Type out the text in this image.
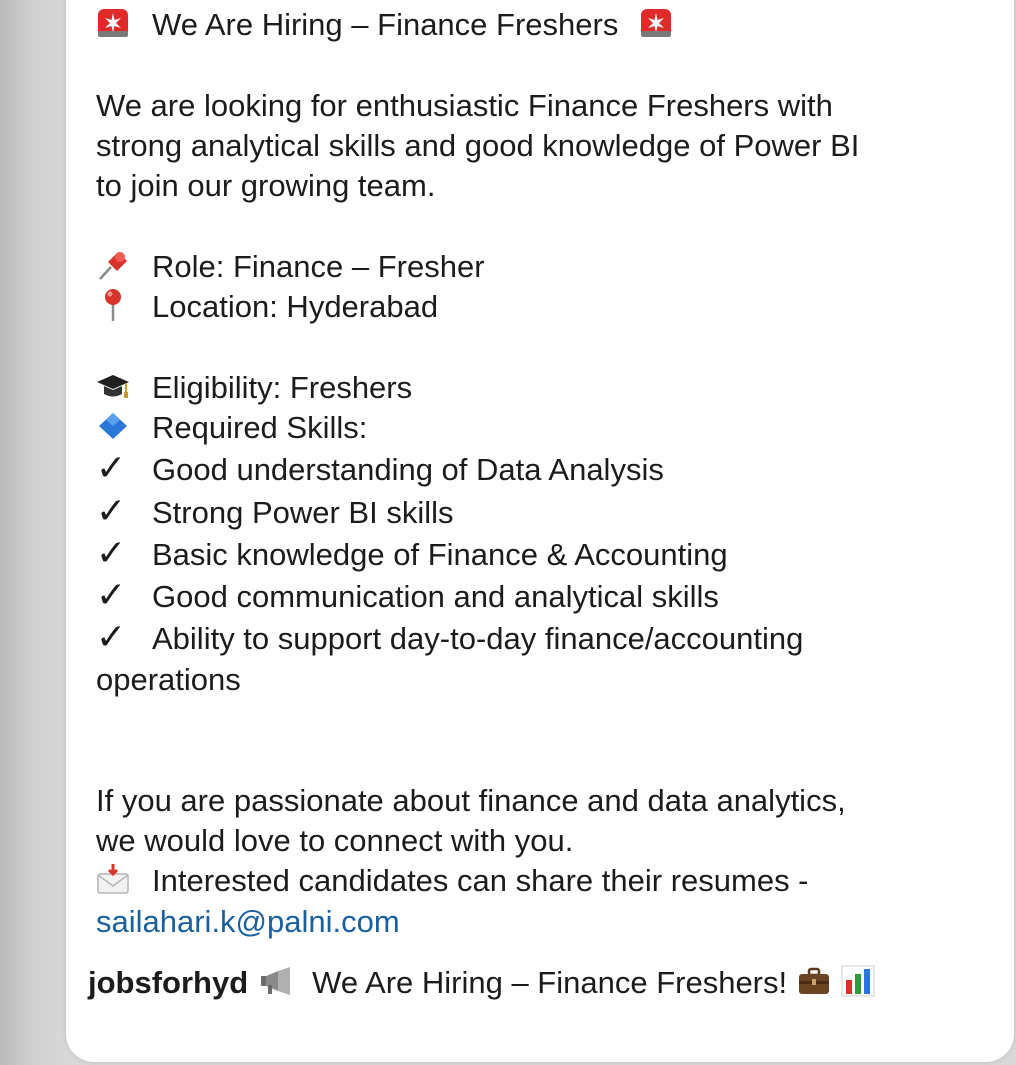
We Are Hiring – Finance Freshers
We are looking for enthusiastic Finance Freshers with
strong analytical skills and good knowledge of Power BI
to join our growing team.
Role: Finance – Fresher
Location: Hyderabad
Eligibility: Freshers
Required Skills:
✓ Good understanding of Data Analysis
✓ Strong Power BI skills
✓ Basic knowledge of Finance & Accounting
✓ Good communication and analytical skills
✓ Ability to support day-to-day finance/accounting
operations
If you are passionate about finance and data analytics,
we would love to connect with you.
Interested candidates can share their resumes -
sailahari.k@palni.com
jobsforhyd We Are Hiring – Finance Freshers!
